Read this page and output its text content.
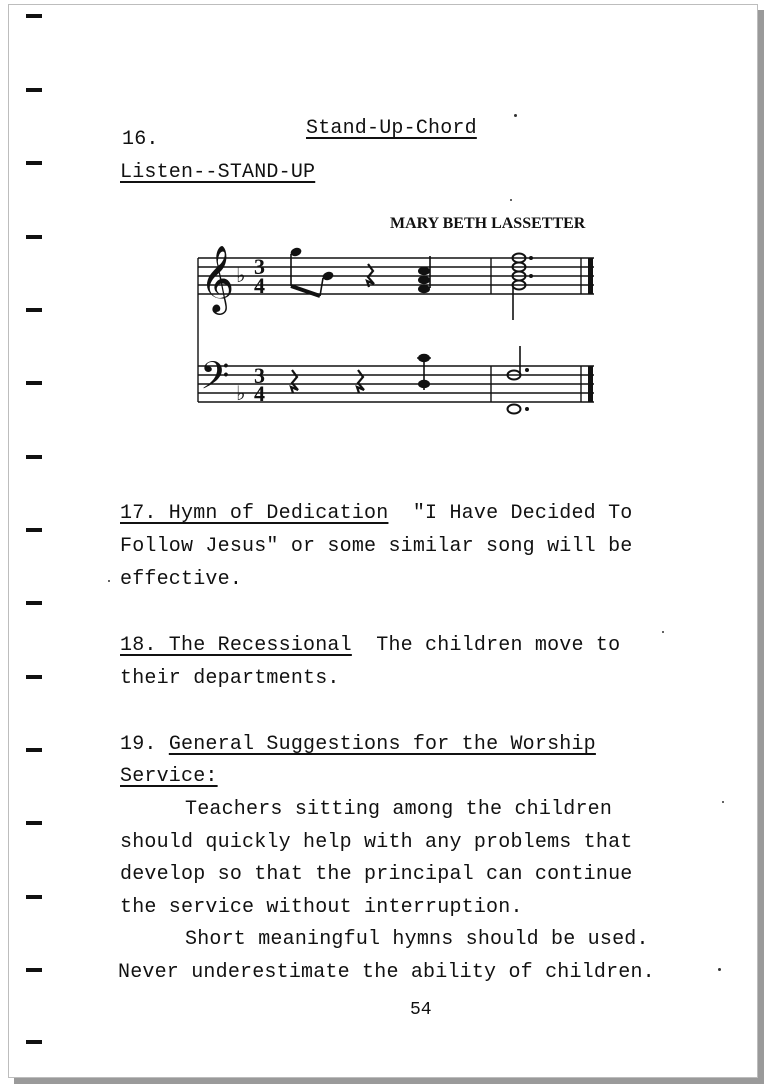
16.	Stand-Up-Chord
Listen--STAND-UP
MARY BETH LASSETTER
𝄞
𝄢
♭
♭
3
4
3
4
17. Hymn of Dedication "I Have Decided To
Follow Jesus" or some similar song will be
effective.
18. The Recessional The children move to
their departments.
19. General Suggestions for the Worship
Service:
Teachers sitting among the children
should quickly help with any problems that
develop so that the principal can continue
the service without interruption.
Short meaningful hymns should be used.
Never underestimate the ability of children.
54
